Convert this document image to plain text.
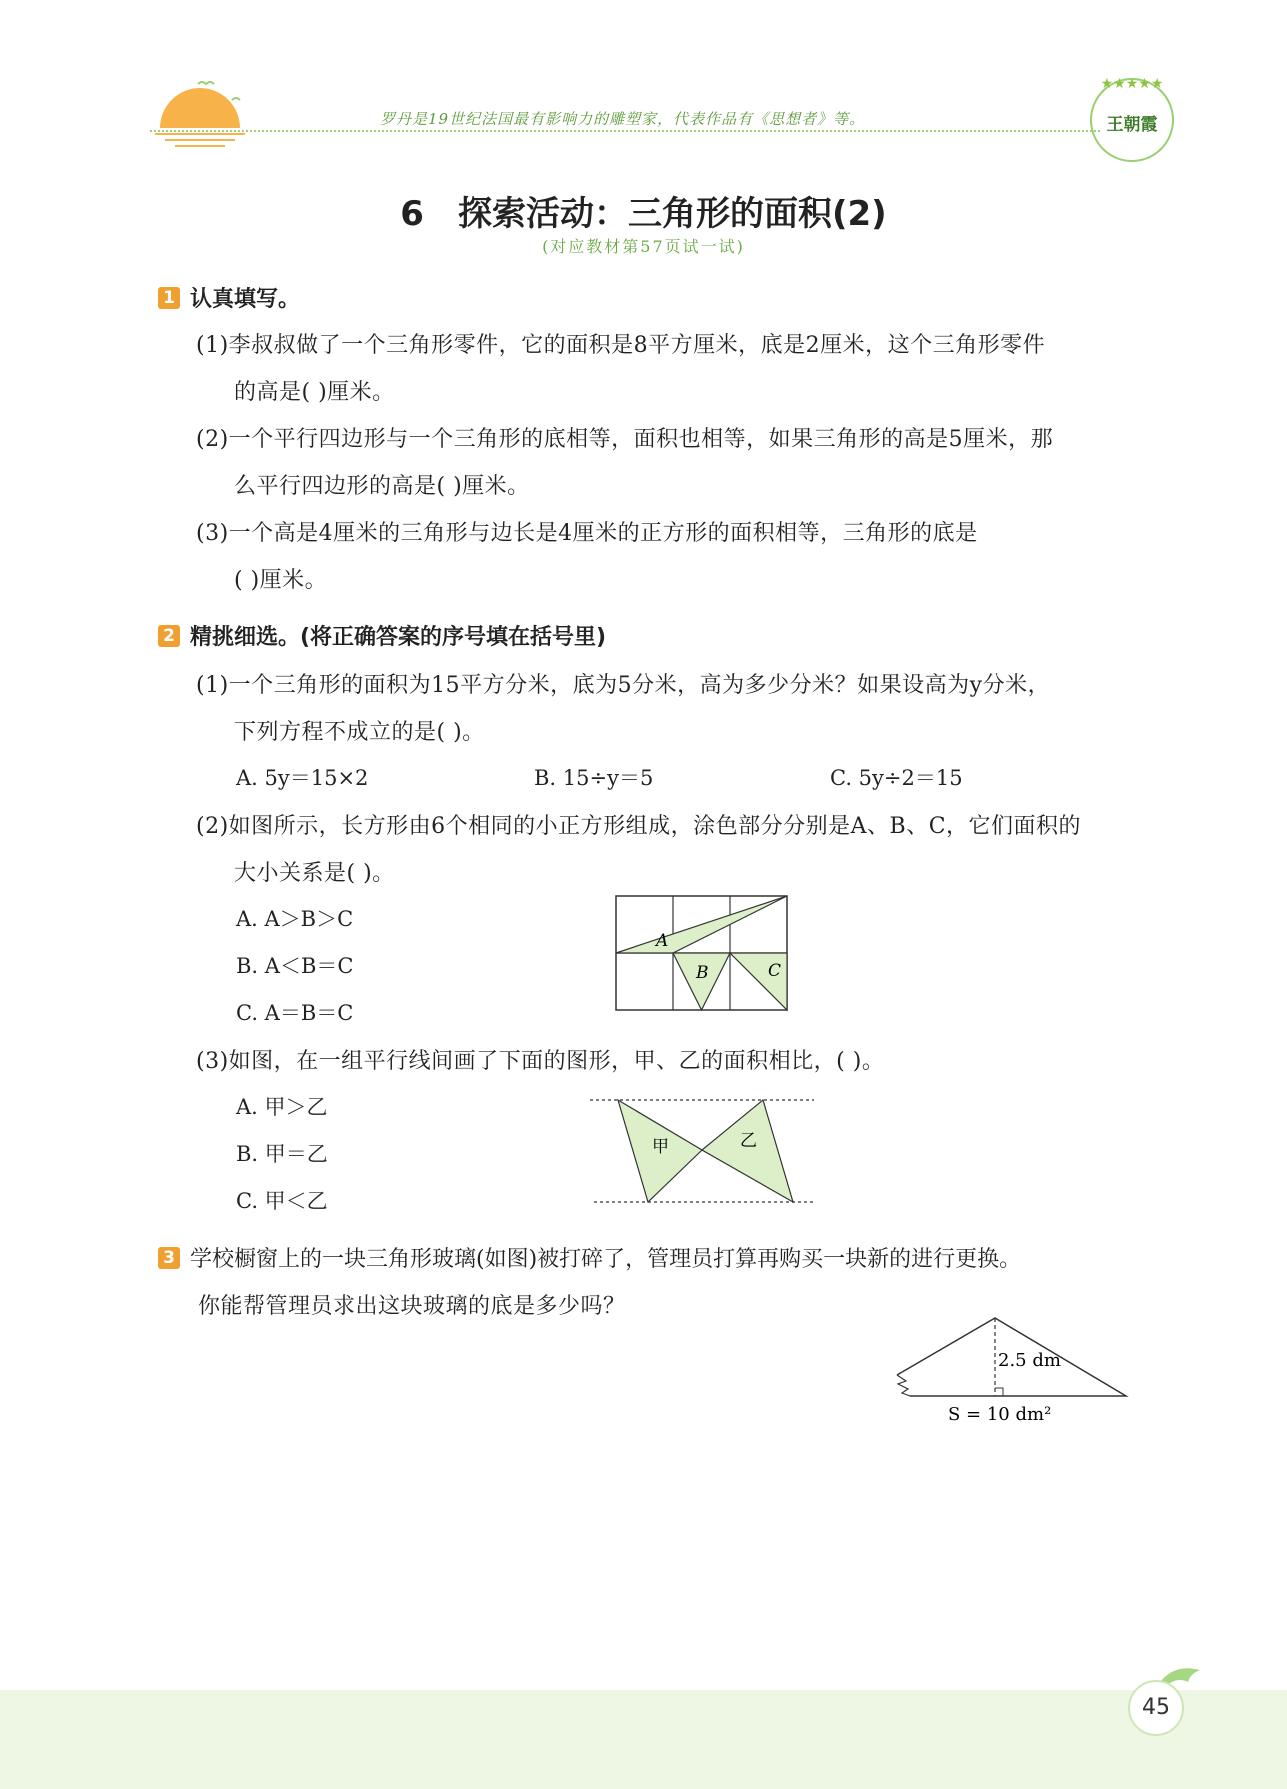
罗丹是19世纪法国最有影响力的雕塑家，代表作品有《思想者》等。
★★★★★
王朝霞
6 探索活动：三角形的面积(2)
(对应教材第57页试一试)
1 认真填写。
(1)李叔叔做了一个三角形零件，它的面积是8平方厘米，底是2厘米，这个三角形零件
的高是( )厘米。
(2)一个平行四边形与一个三角形的底相等，面积也相等，如果三角形的高是5厘米，那
么平行四边形的高是( )厘米。
(3)一个高是4厘米的三角形与边长是4厘米的正方形的面积相等，三角形的底是
( )厘米。
2 精挑细选。(将正确答案的序号填在括号里)
(1)一个三角形的面积为15平方分米，底为5分米，高为多少分米？如果设高为y分米，
下列方程不成立的是( )。
A. 5y＝15×2	B. 15÷y＝5	C. 5y÷2＝15
(2)如图所示，长方形由6个相同的小正方形组成，涂色部分分别是A、B、C，它们面积的
大小关系是( )。
A. A＞B＞C
B. A＜B＝C
C. A＝B＝C
A
B	C
(3)如图，在一组平行线间画了下面的图形，甲、乙的面积相比，( )。
A. 甲＞乙
B. 甲＝乙
C. 甲＜乙
甲	乙
3 学校橱窗上的一块三角形玻璃(如图)被打碎了，管理员打算再购买一块新的进行更换。
你能帮管理员求出这块玻璃的底是多少吗？
2.5 dm
S = 10 dm²
45
